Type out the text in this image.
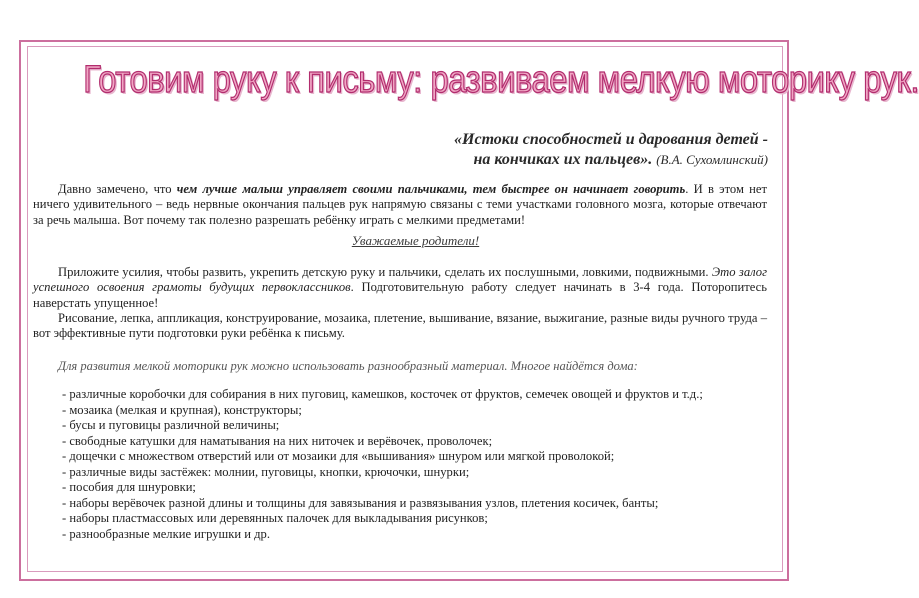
Готовим руку к письму: развиваем мелкую моторику рук.
«Истоки способностей и дарования детей -
на кончиках их пальцев». (В.А. Сухомлинский)
Давно замечено, что чем лучше малыш управляет своими пальчиками, тем быстрее он начинает говорить. И в этом нет ничего удивительного – ведь нервные окончания пальцев рук напрямую связаны с теми участками головного мозга, которые отвечают за речь малыша. Вот почему так полезно разрешать ребёнку играть с мелкими предметами!
Уважаемые родители!
Приложите усилия, чтобы развить, укрепить детскую руку и пальчики, сделать их послушными, ловкими, подвижными. Это залог успешного освоения грамоты будущих первоклассников. Подготовительную работу следует начинать в 3-4 года. Поторопитесь наверстать упущенное!
Рисование, лепка, аппликация, конструирование, мозаика, плетение, вышивание, вязание, выжигание, разные виды ручного труда – вот эффективные пути подготовки руки ребёнка к письму.
Для развития мелкой моторики рук можно использовать разнообразный материал. Многое найдётся дома:
- различные коробочки для собирания в них пуговиц, камешков, косточек от фруктов, семечек овощей и фруктов и т.д.;
- мозаика (мелкая и крупная), конструкторы;
- бусы и пуговицы различной величины;
- свободные катушки для наматывания на них ниточек и верёвочек, проволочек;
- дощечки с множеством отверстий или от мозаики для «вышивания» шнуром или мягкой проволокой;
- различные виды застёжек: молнии, пуговицы, кнопки, крючочки, шнурки;
- пособия для шнуровки;
- наборы верёвочек разной длины и толщины для завязывания и развязывания узлов, плетения косичек, банты;
- наборы пластмассовых или деревянных палочек для выкладывания рисунков;
- разнообразные мелкие игрушки и др.
